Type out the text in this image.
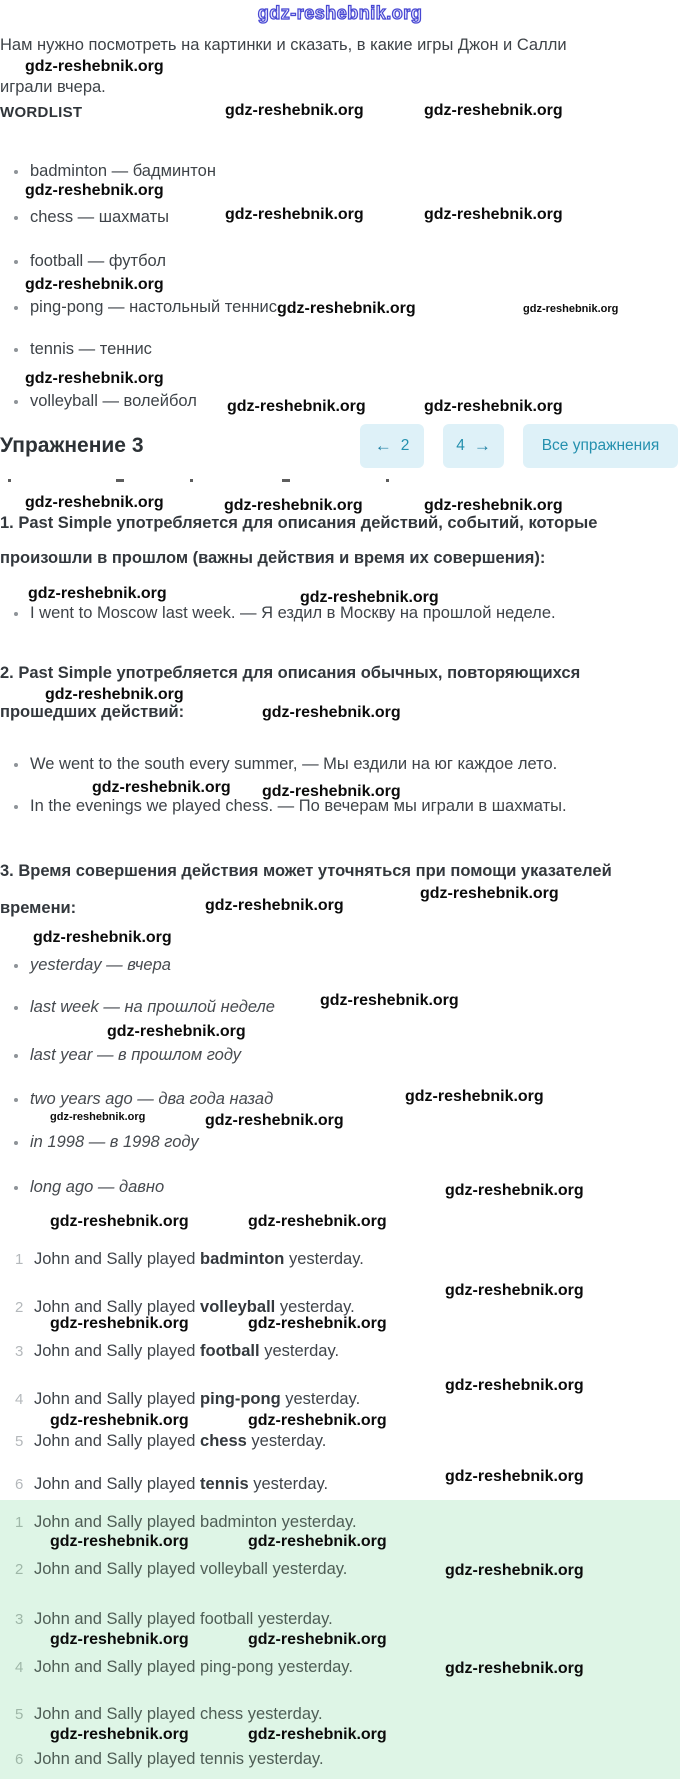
gdz-reshebnik.org
Нам нужно посмотреть на картинки и сказать, в какие игры Джон и Салли
gdz-reshebnik.org
играли вчера.
WORDLIST	gdz-reshebnik.org	gdz-reshebnik.org
badminton — бадминтон
gdz-reshebnik.org
chess — шахматы	gdz-reshebnik.org	gdz-reshebnik.org
football — футбол
gdz-reshebnik.org
ping-pong — настольный теннис gdz-reshebnik.org	gdz-reshebnik.org
tennis — теннис
gdz-reshebnik.org
volleyball — волейбол gdz-reshebnik.org	gdz-reshebnik.org
Упражнение 3	← 2	4 →	Все упражнения
gdz-reshebnik.org	gdz-reshebnik.org	gdz-reshebnik.org
1. Past Simple употребляется для описания действий, событий, которые
произошли в прошлом (важны действия и время их совершения):
gdz-reshebnik.org	gdz-reshebnik.org
I went to Moscow last week. — Я ездил в Москву на прошлой неделе.
2. Past Simple употребляется для описания обычных, повторяющихся
gdz-reshebnik.org
прошедших действий:	gdz-reshebnik.org
We went to the south every summer, — Мы ездили на юг каждое лето.
gdz-reshebnik.org gdz-reshebnik.org
In the evenings we played chess. — По вечерам мы играли в шахматы.
3. Время совершения действия может уточняться при помощи указателей
gdz-reshebnik.org
gdz-reshebnik.org
времени:
gdz-reshebnik.org
yesterday — вчера
last week — на прошлой неделе	gdz-reshebnik.org
gdz-reshebnik.org
last year — в прошлом году
two years ago — два года назад	gdz-reshebnik.org
gdz-reshebnik.org	gdz-reshebnik.org
in 1998 — в 1998 году
long ago — давно	gdz-reshebnik.org
gdz-reshebnik.org	gdz-reshebnik.org
1 John and Sally played badminton yesterday.
gdz-reshebnik.org
2 John and Sally played volleyball yesterday.
gdz-reshebnik.org	gdz-reshebnik.org
3 John and Sally played football yesterday.
gdz-reshebnik.org
4 John and Sally played ping-pong yesterday.
gdz-reshebnik.org	gdz-reshebnik.org
5 John and Sally played chess yesterday.
gdz-reshebnik.org
6 John and Sally played tennis yesterday.
1 John and Sally played badminton yesterday.
gdz-reshebnik.org	gdz-reshebnik.org
2 John and Sally played volleyball yesterday.	gdz-reshebnik.org
3 John and Sally played football yesterday.
gdz-reshebnik.org	gdz-reshebnik.org
4 John and Sally played ping-pong yesterday.	gdz-reshebnik.org
5 John and Sally played chess yesterday.
gdz-reshebnik.org	gdz-reshebnik.org
6 John and Sally played tennis yesterday.
